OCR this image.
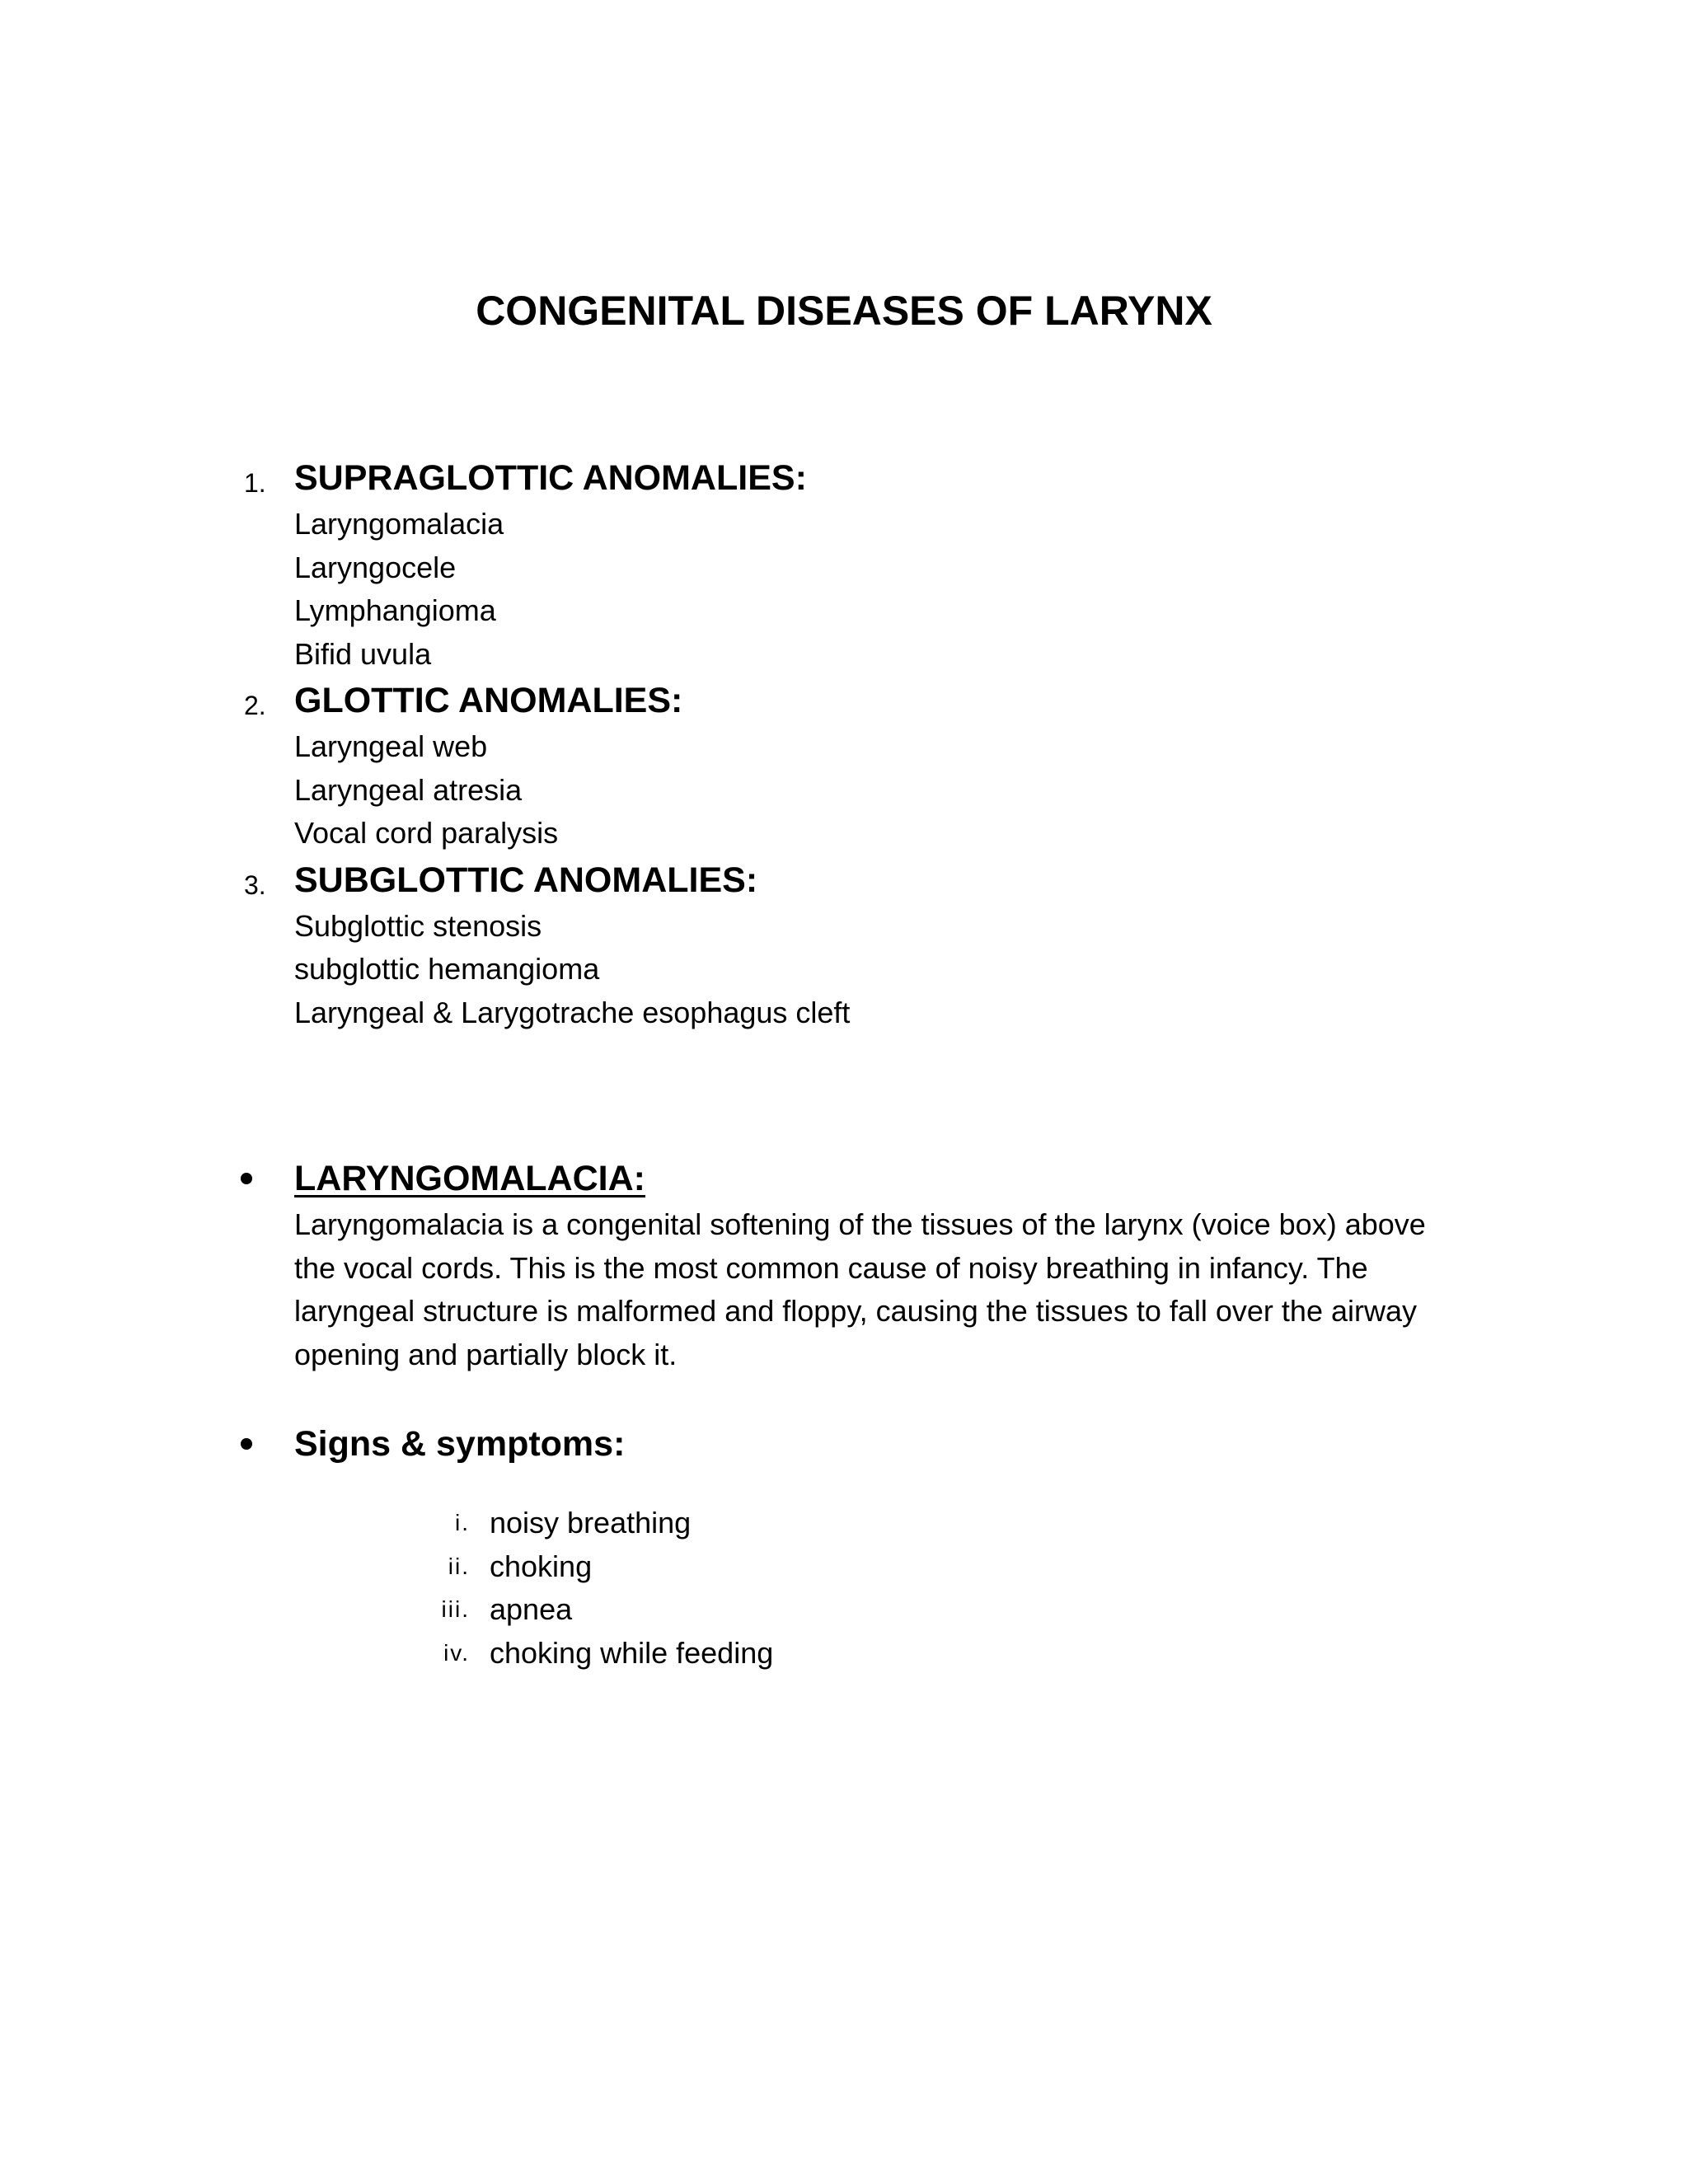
CONGENITAL DISEASES OF LARYNX
1. SUPRAGLOTTIC ANOMALIES:
Laryngomalacia
Laryngocele
Lymphangioma
Bifid uvula
2. GLOTTIC ANOMALIES:
Laryngeal web
Laryngeal atresia
Vocal cord paralysis
3. SUBGLOTTIC ANOMALIES:
Subglottic stenosis
subglottic hemangioma
Laryngeal & Larygotrache esophagus cleft
LARYNGOMALACIA:
Laryngomalacia is a congenital softening of the tissues of the larynx (voice box) above the vocal cords. This is the most common cause of noisy breathing in infancy. The laryngeal structure is malformed and floppy, causing the tissues to fall over the airway opening and partially block it.
Signs & symptoms:
i. noisy breathing
ii. choking
iii. apnea
iv. choking while feeding
